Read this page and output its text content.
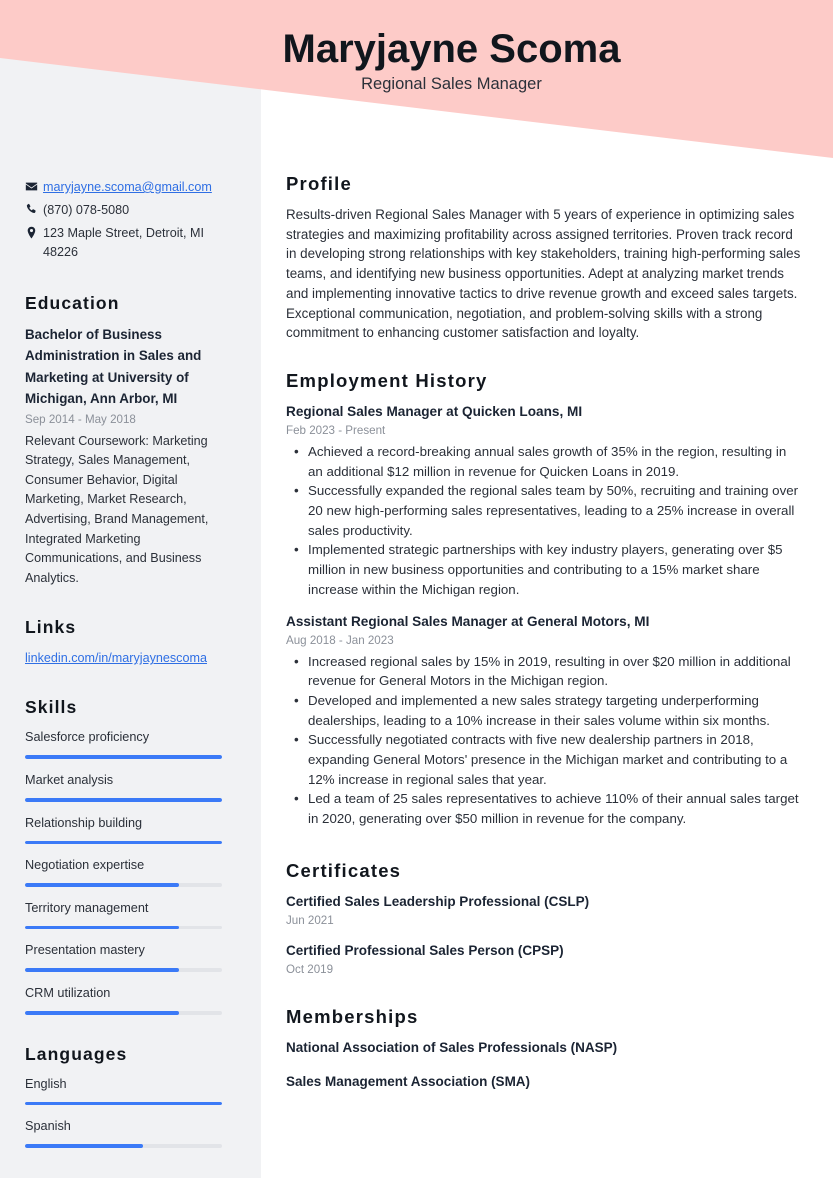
Maryjayne Scoma
Regional Sales Manager
maryjayne.scoma@gmail.com
(870) 078-5080
123 Maple Street, Detroit, MI 48226
Education
Bachelor of Business Administration in Sales and Marketing at University of Michigan, Ann Arbor, MI
Sep 2014 - May 2018
Relevant Coursework: Marketing Strategy, Sales Management, Consumer Behavior, Digital Marketing, Market Research, Advertising, Brand Management, Integrated Marketing Communications, and Business Analytics.
Links
linkedin.com/in/maryjaynescoma
Skills
Salesforce proficiency
Market analysis
Relationship building
Negotiation expertise
Territory management
Presentation mastery
CRM utilization
Languages
English
Spanish
Profile
Results-driven Regional Sales Manager with 5 years of experience in optimizing sales strategies and maximizing profitability across assigned territories. Proven track record in developing strong relationships with key stakeholders, training high-performing sales teams, and identifying new business opportunities. Adept at analyzing market trends and implementing innovative tactics to drive revenue growth and exceed sales targets. Exceptional communication, negotiation, and problem-solving skills with a strong commitment to enhancing customer satisfaction and loyalty.
Employment History
Regional Sales Manager at Quicken Loans, MI
Feb 2023 - Present
• Achieved a record-breaking annual sales growth of 35% in the region, resulting in an additional $12 million in revenue for Quicken Loans in 2019.
• Successfully expanded the regional sales team by 50%, recruiting and training over 20 new high-performing sales representatives, leading to a 25% increase in overall sales productivity.
• Implemented strategic partnerships with key industry players, generating over $5 million in new business opportunities and contributing to a 15% market share increase within the Michigan region.
Assistant Regional Sales Manager at General Motors, MI
Aug 2018 - Jan 2023
• Increased regional sales by 15% in 2019, resulting in over $20 million in additional revenue for General Motors in the Michigan region.
• Developed and implemented a new sales strategy targeting underperforming dealerships, leading to a 10% increase in their sales volume within six months.
• Successfully negotiated contracts with five new dealership partners in 2018, expanding General Motors' presence in the Michigan market and contributing to a 12% increase in regional sales that year.
• Led a team of 25 sales representatives to achieve 110% of their annual sales target in 2020, generating over $50 million in revenue for the company.
Certificates
Certified Sales Leadership Professional (CSLP)
Jun 2021
Certified Professional Sales Person (CPSP)
Oct 2019
Memberships
National Association of Sales Professionals (NASP)
Sales Management Association (SMA)
